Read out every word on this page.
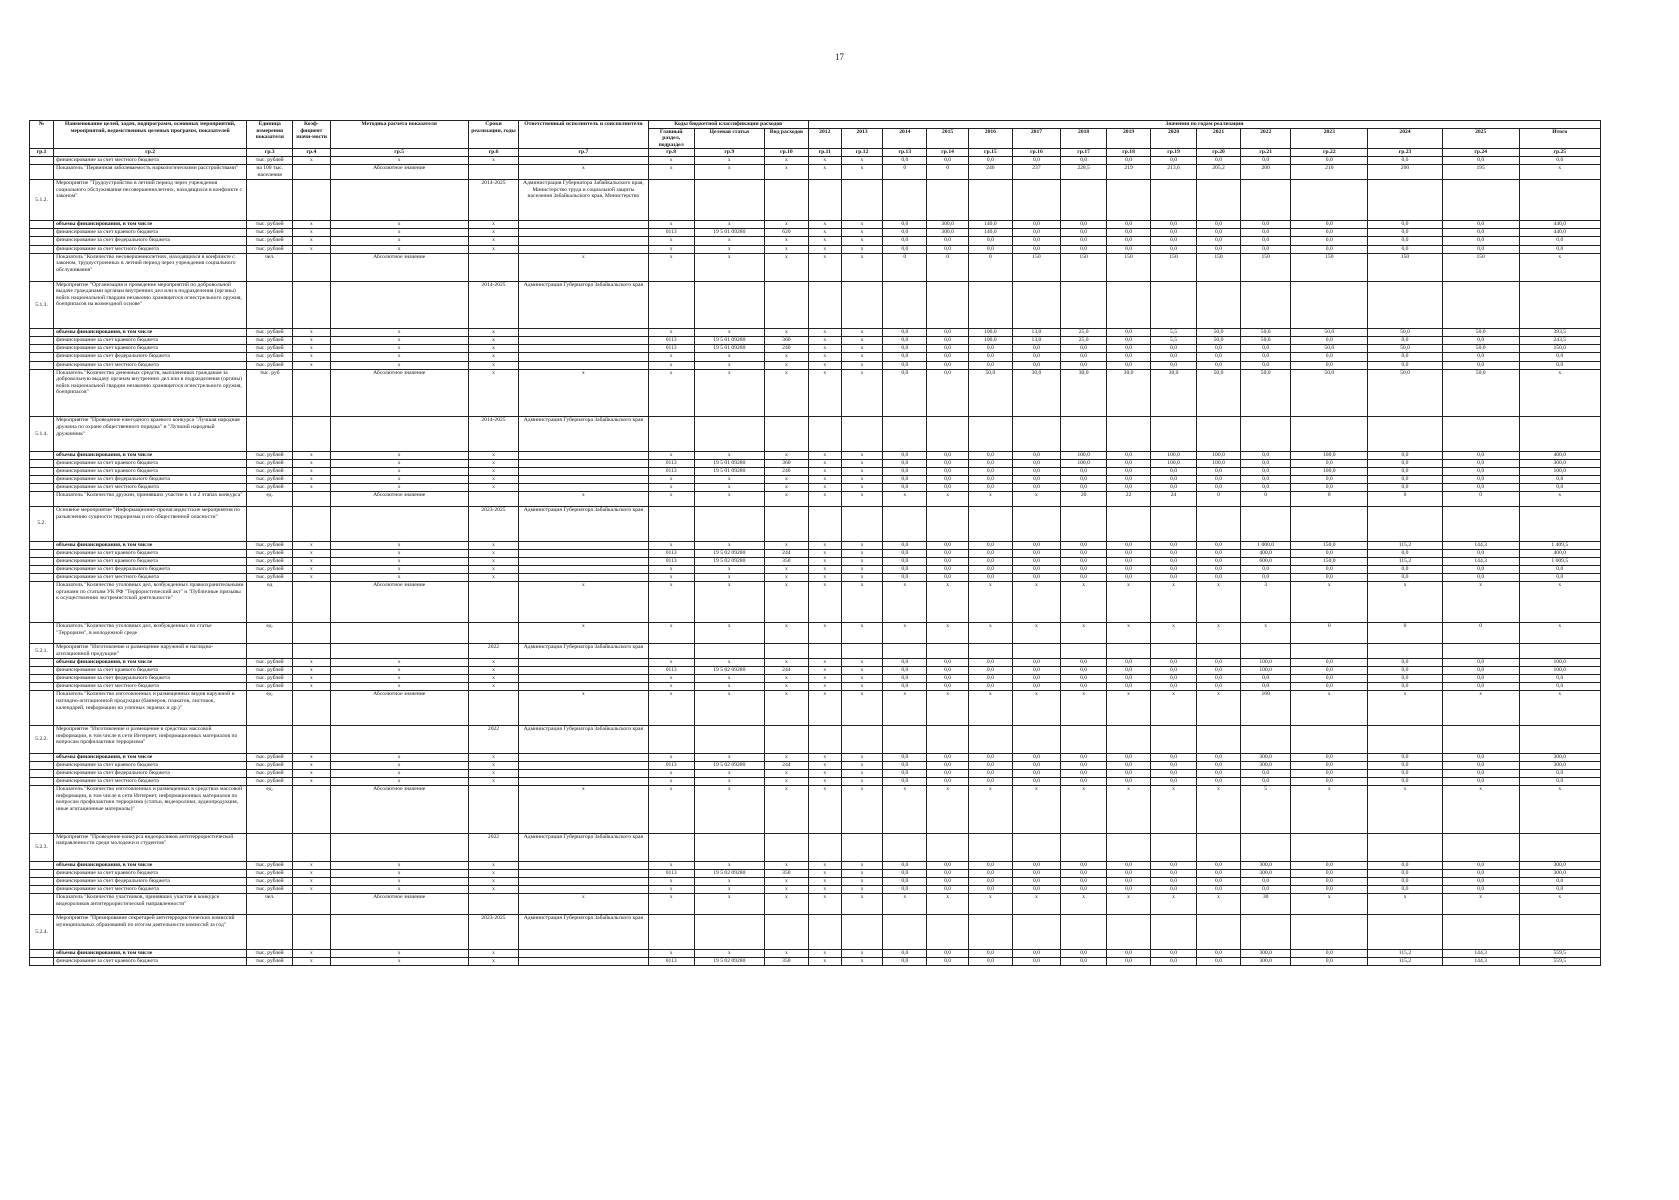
17
№	Наименование целей, задач, подпрограмм, основных мероприятий, мероприятий, ведомственных целевых программ, показателей	Единица измерения показателя	Коэф-фициент значи-мости	Методика расчета показателя	Сроки реализации, годы	Ответственный исполнитель и соисполнители	Коды бюджетной классификации расходов			Значения по годам реализации														
							Главный раздел, подраздел	Целевая статья	Вид расходов	2012	2013	2014	2015	2016	2017	2018	2019	2020	2021	2022	2023	2024	2025	Итого
гр.1	гр.2	гр.3	гр.4	гр.5	гр.6	гр.7	гр.8	гр.9	гр.10	гр.11	гр.12	гр.13	гр.14	гр.15	гр.16	гр.17	гр.18	гр.19	гр.20	гр.21	гр.22	гр.23	гр.24	гр.25
	финансирование за счет местного бюджета	тыс. рублей	x	x	x		x	x	x	x	x	0,0	0,0	0,0	0,0	0,0	0,0	0,0	0,0	0,0	0,0	0,0	0,0	0,0
	Показатель "Первичная заболеваемость наркологическими расстройствами"	на 100 тыс. населения		Абсолютное значение		x	x	x	x	x	x	0	0	246	237	228,5	219	213,6	205,2	200	210	200	195	x
5.1.2.	Мероприятие "Трудоустройство в летний период через учреждения социального обслуживания несовершеннолетних, находящихся в конфликте с законом"				2014-2025	Администрация Губернатора Забайкальского края, Министерство труда и социальной защиты населения Забайкальского края, Министерство																		
	объемы финансирования, в том числе	тыс. рублей	x	x	x		x	x	x	x	x	0,0	300,0	140,0	0,0	0,0	0,0	0,0	0,0	0,0	0,0	0,0	0,0	440,0
	финансирование за счет краевого бюджета	тыс. рублей	x	x	x		0113	19 5 01 09280	620	x	x	0,0	300,0	140,0	0,0	0,0	0,0	0,0	0,0	0,0	0,0	0,0	0,0	440,0
	финансирование за счет федерального бюджета	тыс. рублей	x	x	x		x	x	x	x	x	0,0	0,0	0,0	0,0	0,0	0,0	0,0	0,0	0,0	0,0	0,0	0,0	0,0
	финансирование за счет местного бюджета	тыс. рублей	x	x	x		x	x	x	x	x	0,0	0,0	0,0	0,0	0,0	0,0	0,0	0,0	0,0	0,0	0,0	0,0	0,0
	Показатель "Количество несовершеннолетних, находящихся в конфликте с законом, трудоустроенных в летний период через учреждения социального обслуживания"	чел.		Абсолютное значение		x	x	x	x	x	x	0	0	0	150	150	150	150	150	150	150	150	150	x
5.1.3.	Мероприятие "Организация и проведение мероприятий по добровольной выдаче гражданами органам внутренних дел или в подразделения (органы) войск национальной гвардии незаконно хранящегося огнестрельного оружия, боеприпасов на возмездной основе"				2014-2025	Администрация Губернатора Забайкальского края																		
	объемы финансирования, в том числе	тыс. рублей	x	x	x		x	x	x	x	x	0,0	0,0	100,0	13,0	25,0	0,0	5,5	50,0	50,0	50,0	50,0	50,0	393,5
	финансирование за счет краевого бюджета	тыс. рублей	x	x	x		0113	19 5 01 09280	360	x	x	0,0	0,0	100,0	13,0	25,0	0,0	5,5	50,0	50,0	0,0	0,0	0,0	243,5
	финансирование за счет краевого бюджета	тыс. рублей	x	x	x		0113	19 5 01 09280	240	x	x	0,0	0,0	0,0	0,0	0,0	0,0	0,0	0,0	0,0	50,0	50,0	50,0	150,0
	финансирование за счет федерального бюджета	тыс. рублей	x	x	x		x	x	x	x	x	0,0	0,0	0,0	0,0	0,0	0,0	0,0	0,0	0,0	0,0	0,0	0,0	0,0
	финансирование за счет местного бюджета	тыс. рублей	x	x	x		x	x	x	x	x	0,0	0,0	0,0	0,0	0,0	0,0	0,0	0,0	0,0	0,0	0,0	0,0	0,0
	Показатель "Количество денежных средств, выплаченных гражданам за добровольную выдачу органам внутренних дел или в подразделения (органы) войск национальной гвардии незаконно хранящегося огнестрельного оружия, боеприпасов"	тыс. руб		Абсолютное значение	x	x	x	x	x	x	x	0,0	0,0	50,0	30,0	30,0	30,0	30,0	50,0	50,0	50,0	50,0	50,0	x
5.1.4.	Мероприятие "Проведение ежегодного краевого конкурса "Лучшая народная дружина по охране общественного порядка" и "Лучший народный дружинник"				2014-2025	Администрация Губернатора Забайкальского края																		
	объемы финансирования, в том числе	тыс. рублей	x	x	x		x	x	x	x	x	0,0	0,0	0,0	0,0	100,0	0,0	100,0	100,0	0,0	100,0	0,0	0,0	400,0
	финансирование за счет краевого бюджета	тыс. рублей	x	x	x		0113	19 5 01 09280	360	x	x	0,0	0,0	0,0	0,0	100,0	0,0	100,0	100,0	0,0	0,0	0,0	0,0	300,0
	финансирование за счет краевого бюджета	тыс. рублей	x	x	x		0113	19 5 01 09280	240	x	x	0,0	0,0	0,0	0,0	0,0	0,0	0,0	0,0	0,0	100,0	0,0	0,0	100,0
	финансирование за счет федерального бюджета	тыс. рублей	x	x	x		x	x	x	x	x	0,0	0,0	0,0	0,0	0,0	0,0	0,0	0,0	0,0	0,0	0,0	0,0	0,0
	финансирование за счет местного бюджета	тыс. рублей	x	x	x		x	x	x	x	x	0,0	0,0	0,0	0,0	0,0	0,0	0,0	0,0	0,0	0,0	0,0	0,0	0,0
	Показатель "Количество дружин, принявших участие в 1 и 2 этапах конкурса"	ед.		Абсолютное значение		x	x	x	x	x	x	x	x	x	x	20	22	24	0	0	8	0	0	x
5.2.	Основное мероприятие "Информационно-пропагандистские мероприятия по разъяснению сущности терроризма и его общественной опасности"				2023-2025	Администрация Губернатора Забайкальского края																		
	объемы финансирования, в том числе	тыс. рублей	x	x	x		x	x	x	x	x	0,0	0,0	0,0	0,0	0,0	0,0	0,0	0,0	1 000,0	150,0	115,2	144,3	1 409,5
	финансирование за счет краевого бюджета	тыс. рублей	x	x	x		0113	19 5 02 09280	244	x	x	0,0	0,0	0,0	0,0	0,0	0,0	0,0	0,0	400,0	0,0	0,0	0,0	400,0
	финансирование за счет краевого бюджета	тыс. рублей	x	x	x		0113	19 5 02 09280	350	x	x	0,0	0,0	0,0	0,0	0,0	0,0	0,0	0,0	600,0	150,0	115,2	144,3	1 009,5
	финансирование за счет федерального бюджета	тыс. рублей	x	x	x		x	x	x	x	x	0,0	0,0	0,0	0,0	0,0	0,0	0,0	0,0	0,0	0,0	0,0	0,0	0,0
	финансирование за счет местного бюджета	тыс. рублей	x	x	x		x	x	x	x	x	0,0	0,0	0,0	0,0	0,0	0,0	0,0	0,0	0,0	0,0	0,0	0,0	0,0
	Показатель "Количество уголовных дел, возбужденных правоохранительными органами по статьям УК РФ "Террористический акт" и "Публичные призывы к осуществлению экстремистской деятельности"	ед		Абсолютное значение		x	x	x	x	x	x	x	x	x	x	x	x	x	x	3	x	x	x	x
	Показатель "Количество уголовных дел, возбужденных по статье "Терроризм", в молодежной среде	ед.				x	x	x	x	x	x	x	x	x	x	x	x	x	x	x	0	0	0	x
5.2.1.	Мероприятие "Изготовление и размещение наружной и наглядно-агитационной продукции"				2022	Администрация Губернатора Забайкальского края																		
	объемы финансирования, в том числе	тыс. рублей	x	x	x		x	x	x	x	x	0,0	0,0	0,0	0,0	0,0	0,0	0,0	0,0	100,0	0,0	0,0	0,0	100,0
	финансирование за счет краевого бюджета	тыс. рублей	x	x	x		0113	19 5 02 09280	244	x	x	0,0	0,0	0,0	0,0	0,0	0,0	0,0	0,0	100,0	0,0	0,0	0,0	100,0
	финансирование за счет федерального бюджета	тыс. рублей	x	x	x		x	x	x	x	x	0,0	0,0	0,0	0,0	0,0	0,0	0,0	0,0	0,0	0,0	0,0	0,0	0,0
	финансирование за счет местного бюджета	тыс. рублей	x	x	x		x	x	x	x	x	0,0	0,0	0,0	0,0	0,0	0,0	0,0	0,0	0,0	0,0	0,0	0,0	0,0
	Показатель "Количество изготовленных и размещенных видов наружной и наглядно-агитационной продукции (баннеров, плакатов, листовок, календарей, информации на уличных экранах и др.)"	ед.		Абсолютное значение		x	x	x	x	x	x	x	x	x	x	x	x	x	x	160	x	x	x	x
5.2.2.	Мероприятие "Изготовление и размещение в средствах массовой информации, в том числе в сети Интернет, информационных материалов по вопросам профилактики терроризма"				2022	Администрация Губернатора Забайкальского края																		
	объемы финансирования, в том числе	тыс. рублей	x	x	x		x	x	x	x	x	0,0	0,0	0,0	0,0	0,0	0,0	0,0	0,0	300,0	0,0	0,0	0,0	300,0
	финансирование за счет краевого бюджета	тыс. рублей	x	x	x		0113	19 5 02 09280	244	x	x	0,0	0,0	0,0	0,0	0,0	0,0	0,0	0,0	300,0	0,0	0,0	0,0	300,0
	финансирование за счет федерального бюджета	тыс. рублей	x	x	x		x	x	x	x	x	0,0	0,0	0,0	0,0	0,0	0,0	0,0	0,0	0,0	0,0	0,0	0,0	0,0
	финансирование за счет местного бюджета	тыс. рублей	x	x	x		x	x	x	x	x	0,0	0,0	0,0	0,0	0,0	0,0	0,0	0,0	0,0	0,0	0,0	0,0	0,0
	Показатель "Количество изготовленных и размещенных в средствах массовой информации, в том числе в сети Интернет, информационных материалов по вопросам профилактики терроризма (статьи, видеоролики, аудиопродукция, иные агитационные материалы)"	ед.		Абсолютное значение		x	x	x	x	x	x	x	x	x	x	x	x	x	x	5	x	x	x	x
5.2.3.	Мероприятие "Проведение конкурса видеороликов антитеррористической направленности среди молодежи и студентов"				2022	Администрация Губернатора Забайкальского края																		
	объемы финансирования, в том числе	тыс. рублей	x	x	x		x	x	x	x	x	0,0	0,0	0,0	0,0	0,0	0,0	0,0	0,0	300,0	0,0	0,0	0,0	300,0
	финансирование за счет краевого бюджета	тыс. рублей	x	x	x		0113	19 5 02 09280	350	x	x	0,0	0,0	0,0	0,0	0,0	0,0	0,0	0,0	300,0	0,0	0,0	0,0	300,0
	финансирование за счет федерального бюджета	тыс. рублей	x	x	x		x	x	x	x	x	0,0	0,0	0,0	0,0	0,0	0,0	0,0	0,0	0,0	0,0	0,0	0,0	0,0
	финансирование за счет местного бюджета	тыс. рублей	x	x	x		x	x	x	x	x	0,0	0,0	0,0	0,0	0,0	0,0	0,0	0,0	0,0	0,0	0,0	0,0	0,0
	Показатель "Количество участников, принявших участие в конкурсе видеороликов антитеррористической направленности"	чел.		Абсолютное значение		x	x	x	x	x	x	x	x	x	x	x	x	x	x	30	x	x	x	x
5.2.4.	Мероприятие "Премирование секретарей антитеррористических комиссий муниципальных образований по итогам деятельности комиссий за год"				2023-2025	Администрация Губернатора Забайкальского края																		
	объемы финансирования, в том числе	тыс. рублей	x	x	x		x	x	x	x	x	0,0	0,0	0,0	0,0	0,0	0,0	0,0	0,0	300,0	0,0	115,2	144,3	559,5
	финансирование за счет краевого бюджета	тыс. рублей	x	x	x		0113	19 5 02 09280	350	x	x	0,0	0,0	0,0	0,0	0,0	0,0	0,0	0,0	300,0	0,0	115,2	144,3	559,5
